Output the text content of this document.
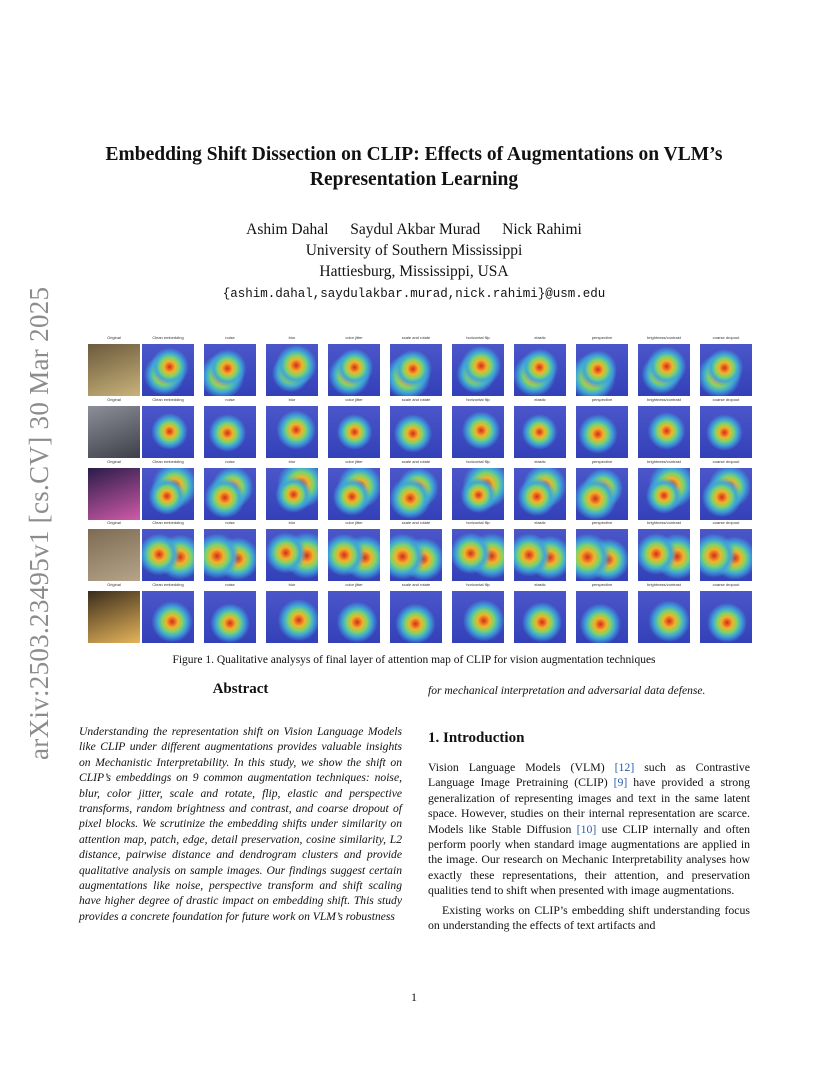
arXiv:2503.23495v1 [cs.CV] 30 Mar 2025
Embedding Shift Dissection on CLIP: Effects of Augmentations on VLM’s
Representation Learning
Ashim Dahal Saydul Akbar Murad Nick Rahimi
University of Southern Mississippi
Hattiesburg, Mississippi, USA
{ashim.dahal,saydulakbar.murad,nick.rahimi}@usm.edu
Original	Clean embedding	noise	blur	color jitter	scale and rotate	horizontal flip	elastic	perspective	brightness/contrast	coarse dropout
Original	Clean embedding	noise	blur	color jitter	scale and rotate	horizontal flip	elastic	perspective	brightness/contrast	coarse dropout
Original	Clean embedding	noise	blur	color jitter	scale and rotate	horizontal flip	elastic	perspective	brightness/contrast	coarse dropout
Original	Clean embedding	noise	blur	color jitter	scale and rotate	horizontal flip	elastic	perspective	brightness/contrast	coarse dropout
Original	Clean embedding	noise	blur	color jitter	scale and rotate	horizontal flip	elastic	perspective	brightness/contrast	coarse dropout
Figure 1. Qualitative analysys of final layer of attention map of CLIP for vision augmentation techniques
Abstract
Understanding the representation shift on Vision Language Models like CLIP under different augmentations provides valuable insights on Mechanistic Interpretability. In this study, we show the shift on CLIP’s embeddings on 9 common augmentation techniques: noise, blur, color jitter, scale and rotate, flip, elastic and perspective transforms, random brightness and contrast, and coarse dropout of pixel blocks. We scrutinize the embedding shifts under similarity on attention map, patch, edge, detail preservation, cosine similarity, L2 distance, pairwise distance and dendrogram clusters and provide qualitative analysis on sample images. Our findings suggest certain augmentations like noise, perspective transform and shift scaling have higher degree of drastic impact on embedding shift. This study provides a concrete foundation for future work on VLM’s robustness
for mechanical interpretation and adversarial data defense.
1. Introduction

Vision Language Models (VLM) [12] such as Contrastive Language Image Pretraining (CLIP) [9] have provided a strong generalization of representing images and text in the same latent space. However, studies on their internal representation are scarce. Models like Stable Diffusion [10] use CLIP internally and often perform poorly when standard image augmentations are applied in the image. Our research on Mechanic Interpretability analyses how exactly these representations, their attention, and preservation qualities tend to shift when presented with image augmentations.

Existing works on CLIP’s embedding shift understanding focus on understanding the effects of text artifacts and

1
